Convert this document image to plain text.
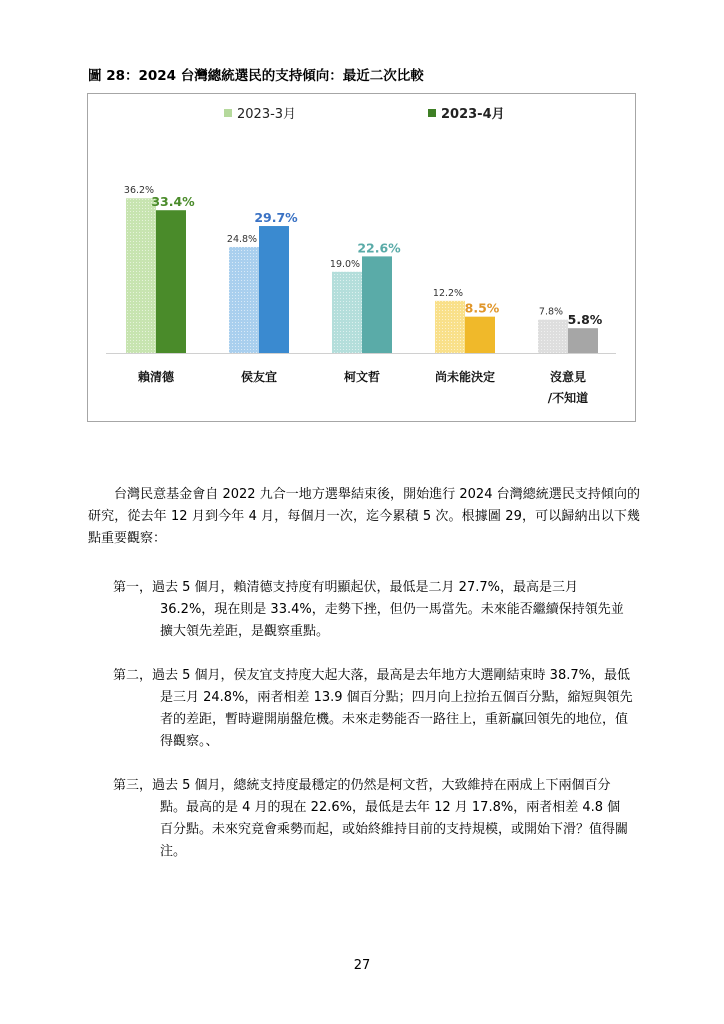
圖 28：2024 台灣總統選民的支持傾向：最近二次比較
2023-3月	2023-4月
36.2%
33.4%
賴清德
24.8%
29.7%
侯友宜
19.0%
22.6%
柯文哲
12.2%
8.5%
尚未能決定
7.8%
5.8%
沒意見
/不知道
台灣民意基金會自 2022 九合一地方選舉結束後，開始進行 2024 台灣總統選民支持傾向的研究，從去年 12 月到今年 4 月，每個月一次，迄今累積 5 次。根據圖 29，可以歸納出以下幾點重要觀察：
第一，過去 5 個月，賴清德支持度有明顯起伏，最低是二月 27.7%，最高是三月 36.2%，現在則是 33.4%，走勢下挫，但仍一馬當先。未來能否繼續保持領先並擴大領先差距，是觀察重點。
第二，過去 5 個月，侯友宜支持度大起大落，最高是去年地方大選剛結束時 38.7%，最低是三月 24.8%，兩者相差 13.9 個百分點；四月向上拉抬五個百分點，縮短與領先者的差距，暫時避開崩盤危機。未來走勢能否一路往上，重新贏回領先的地位，值得觀察。、
第三，過去 5 個月，總統支持度最穩定的仍然是柯文哲，大致維持在兩成上下兩個百分點。最高的是 4 月的現在 22.6%，最低是去年 12 月 17.8%，兩者相差 4.8 個百分點。未來究竟會乘勢而起，或始終維持目前的支持規模，或開始下滑？值得關注。
27
